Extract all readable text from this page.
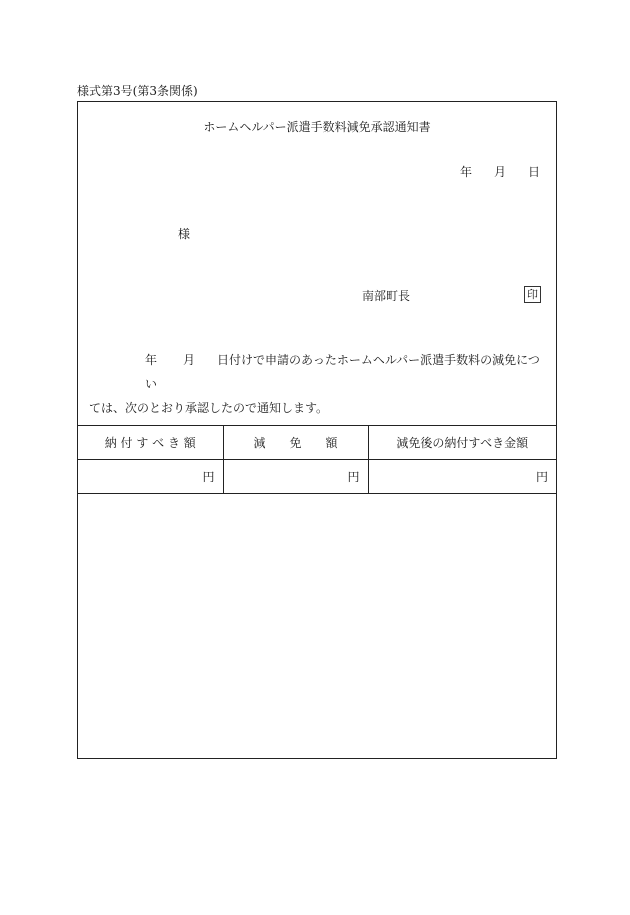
様式第3号(第3条関係)
ホームヘルパー派遣手数料減免承認通知書
年 月 日
様
南部町長	印
年 月 日付けで申請のあったホームヘルパー派遣手数料の減免につい
ては、次のとおり承認したので通知します。
納 付 す べ き 額	減　　免　　額	減免後の納付すべき金額
円	円	円
